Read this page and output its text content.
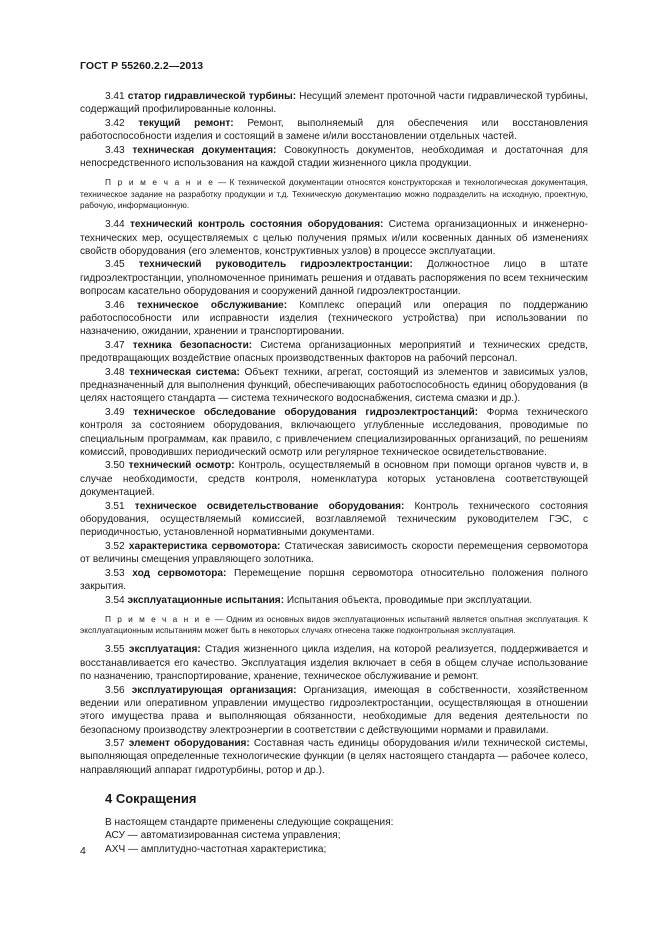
ГОСТ Р 55260.2.2—2013

3.41 статор гидравлической турбины: Несущий элемент проточной части гидравлической турбины, содержащий профилированные колонны.

3.42 текущий ремонт: Ремонт, выполняемый для обеспечения или восстановления работоспособности изделия и состоящий в замене и/или восстановлении отдельных частей.

3.43 техническая документация: Совокупность документов, необходимая и достаточная для непосредственного использования на каждой стадии жизненного цикла продукции.

П р и м е ч а н и е — К технической документации относятся конструкторская и технологическая документация, техническое задание на разработку продукции и т.д. Техническую документацию можно подразделить на исходную, проектную, рабочую, информационную.

3.44 технический контроль состояния оборудования: Система организационных и инженерно-технических мер, осуществляемых с целью получения прямых и/или косвенных данных об изменениях свойств оборудования (его элементов, конструктивных узлов) в процессе эксплуатации.

3.45 технический руководитель гидроэлектростанции: Должностное лицо в штате гидроэлектростанции, уполномоченное принимать решения и отдавать распоряжения по всем техническим вопросам касательно оборудования и сооружений данной гидроэлектростанции.

3.46 техническое обслуживание: Комплекс операций или операция по поддержанию работоспособности или исправности изделия (технического устройства) при использовании по назначению, ожидании, хранении и транспортировании.

3.47 техника безопасности: Система организационных мероприятий и технических средств, предотвращающих воздействие опасных производственных факторов на рабочий персонал.

3.48 техническая система: Объект техники, агрегат, состоящий из элементов и зависимых узлов, предназначенный для выполнения функций, обеспечивающих работоспособность единиц оборудования (в целях настоящего стандарта — система технического водоснабжения, система смазки и др.).

3.49 техническое обследование оборудования гидроэлектростанций: Форма технического контроля за состоянием оборудования, включающего углубленные исследования, проводимые по специальным программам, как правило, с привлечением специализированных организаций, по решениям комиссий, проводивших периодический осмотр или регулярное техническое освидетельствование.

3.50 технический осмотр: Контроль, осуществляемый в основном при помощи органов чувств и, в случае необходимости, средств контроля, номенклатура которых установлена соответствующей документацией.

3.51 техническое освидетельствование оборудования: Контроль технического состояния оборудования, осуществляемый комиссией, возглавляемой техническим руководителем ГЭС, с периодичностью, установленной нормативными документами.

3.52 характеристика сервомотора: Статическая зависимость скорости перемещения сервомотора от величины смещения управляющего золотника.

3.53 ход сервомотора: Перемещение поршня сервомотора относительно положения полного закрытия.

3.54 эксплуатационные испытания: Испытания объекта, проводимые при эксплуатации.

П р и м е ч а н и е — Одним из основных видов эксплуатационных испытаний является опытная эксплуатация. К эксплуатационным испытаниям может быть в некоторых случаях отнесена также подконтрольная эксплуатация.

3.55 эксплуатация: Стадия жизненного цикла изделия, на которой реализуется, поддерживается и восстанавливается его качество. Эксплуатация изделия включает в себя в общем случае использование по назначению, транспортирование, хранение, техническое обслуживание и ремонт.

3.56 эксплуатирующая организация: Организация, имеющая в собственности, хозяйственном ведении или оперативном управлении имущество гидроэлектростанции, осуществляющая в отношении этого имущества права и выполняющая обязанности, необходимые для ведения деятельности по безопасному производству электроэнергии в соответствии с действующими нормами и правилами.

3.57 элемент оборудования: Составная часть единицы оборудования и/или технической системы, выполняющая определенные технологические функции (в целях настоящего стандарта — рабочее колесо, направляющий аппарат гидротурбины, ротор и др.).

4 Сокращения

В настоящем стандарте применены следующие сокращения:

АСУ — автоматизированная система управления;

АХЧ — амплитудно-частотная характеристика;

4
